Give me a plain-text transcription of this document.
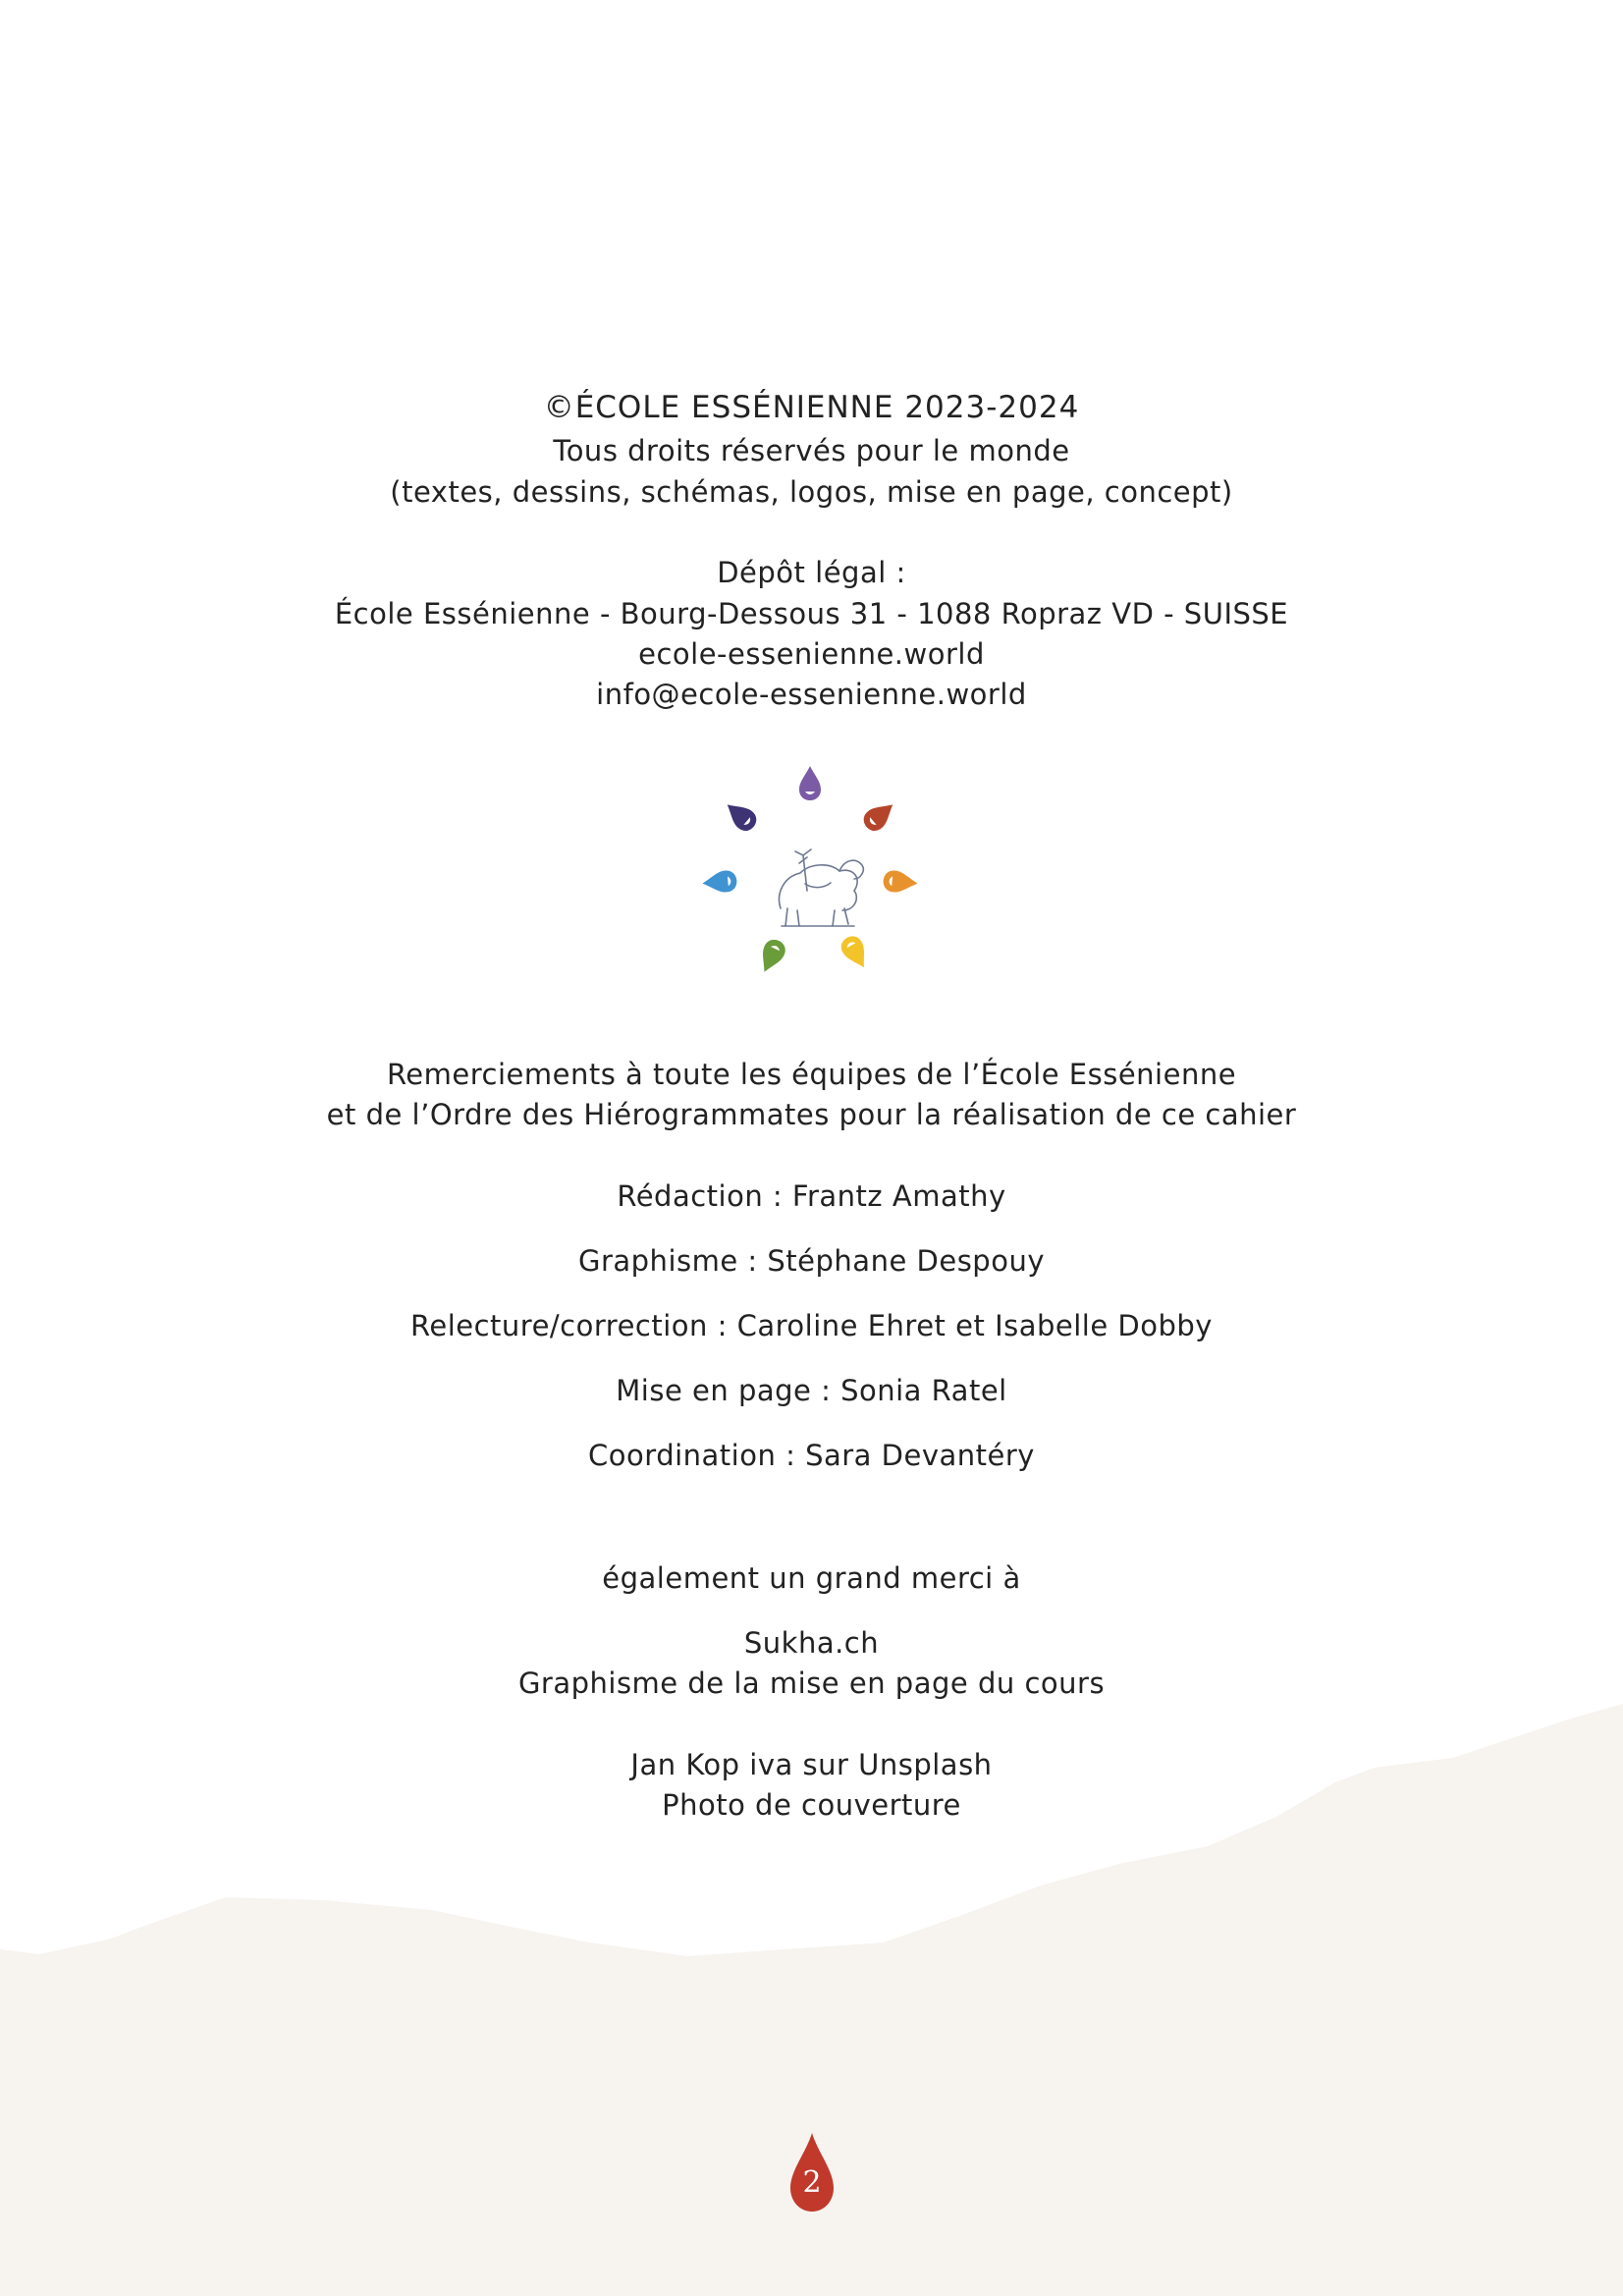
©ÉCOLE ESSÉNIENNE 2023-2024
Tous droits réservés pour le monde
(textes, dessins, schémas, logos, mise en page, concept)
Dépôt légal :
École Essénienne - Bourg-Dessous 31 - 1088 Ropraz VD - SUISSE
ecole-essenienne.world
info@ecole-essenienne.world
Remerciements à toute les équipes de l’École Essénienne
et de l’Ordre des Hiérogrammates pour la réalisation de ce cahier
Rédaction : Frantz Amathy
Graphisme : Stéphane Despouy
Relecture/correction : Caroline Ehret et Isabelle Dobby
Mise en page : Sonia Ratel
Coordination : Sara Devantéry
également un grand merci à
Sukha.ch
Graphisme de la mise en page du cours
Jan Kop iva sur Unsplash
Photo de couverture
2
